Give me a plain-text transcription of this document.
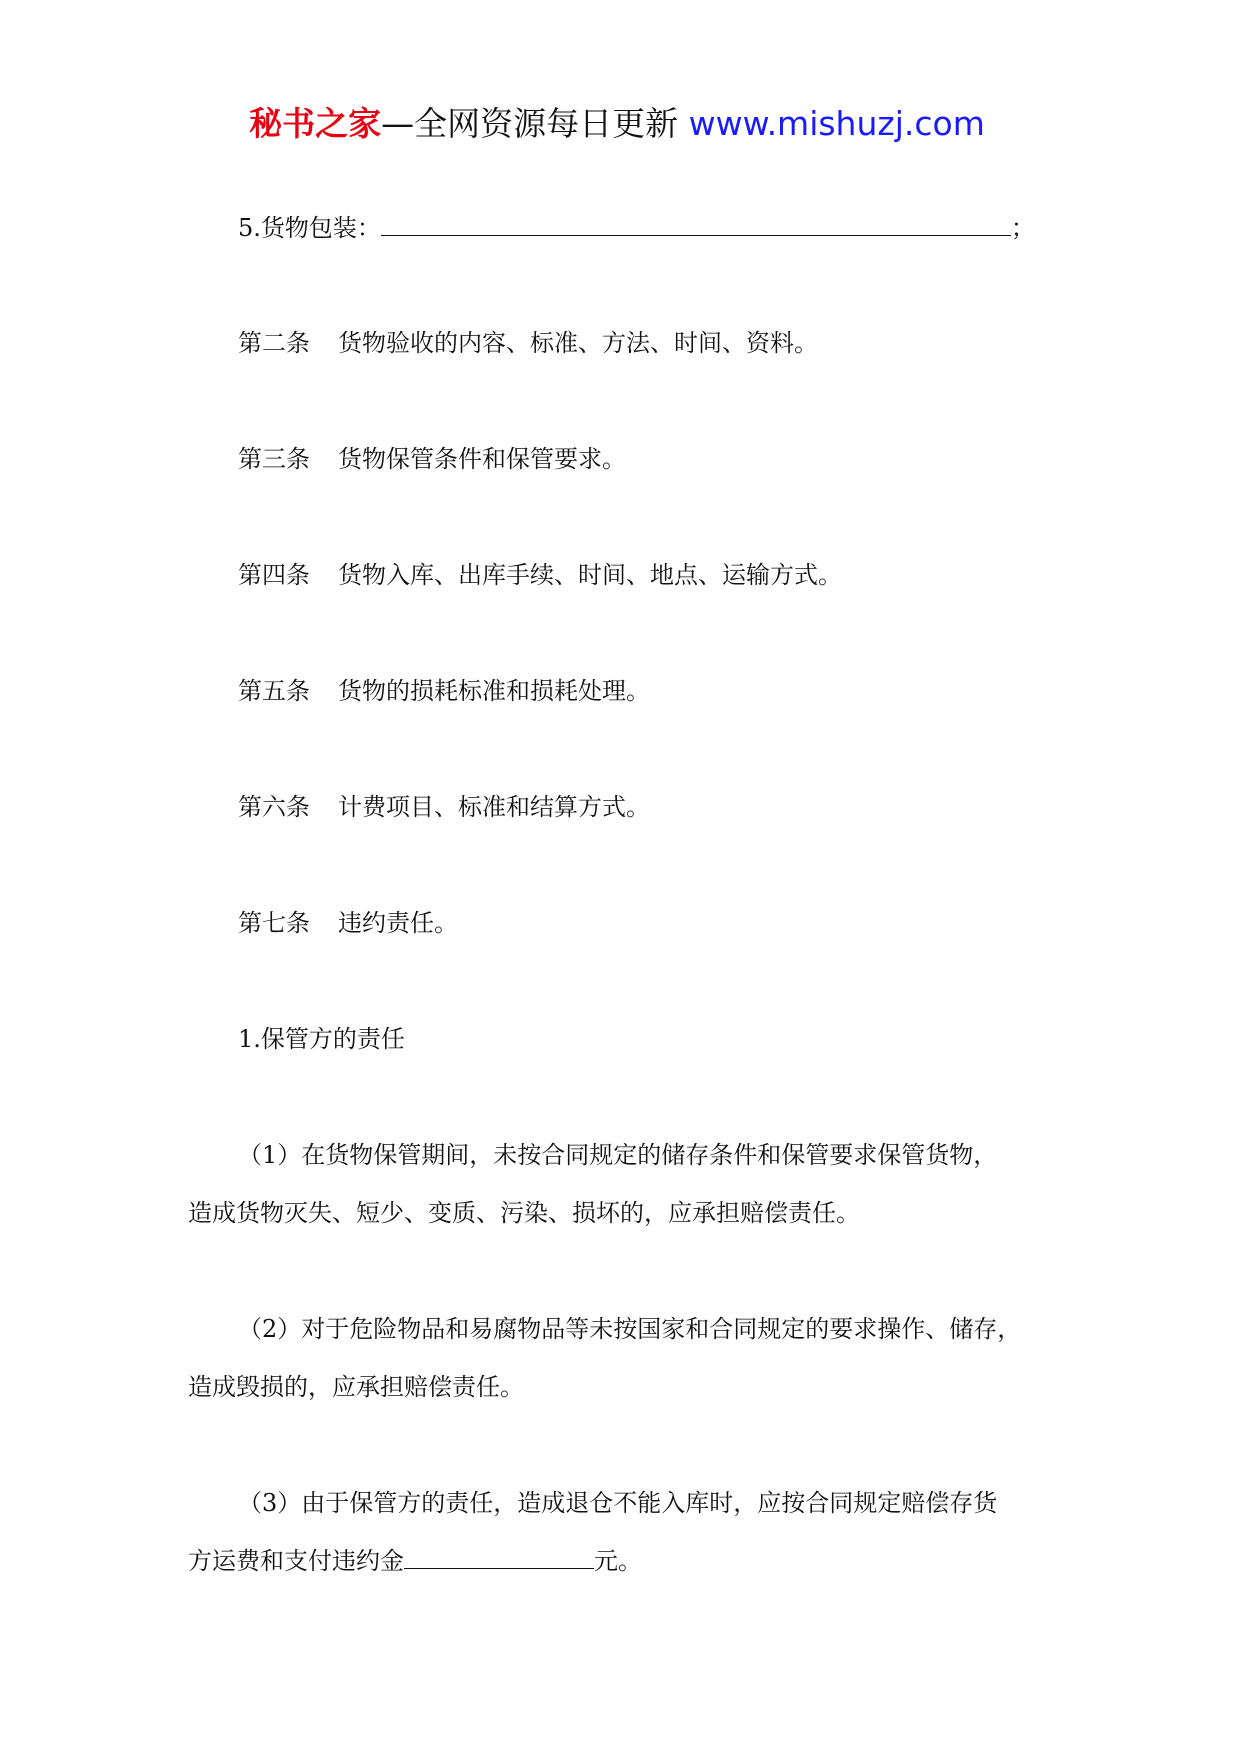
秘书之家—全网资源每日更新 www.mishuzj.com
5.货物包装：	；
第二条 货物验收的内容、标准、方法、时间、资料。
第三条 货物保管条件和保管要求。
第四条 货物入库、出库手续、时间、地点、运输方式。
第五条 货物的损耗标准和损耗处理。
第六条 计费项目、标准和结算方式。
第七条 违约责任。
1.保管方的责任
（1）在货物保管期间，未按合同规定的储存条件和保管要求保管货物，
造成货物灭失、短少、变质、污染、损坏的，应承担赔偿责任。
（2）对于危险物品和易腐物品等未按国家和合同规定的要求操作、储存，
造成毁损的，应承担赔偿责任。
（3）由于保管方的责任，造成退仓不能入库时，应按合同规定赔偿存货
方运费和支付违约金	元。
